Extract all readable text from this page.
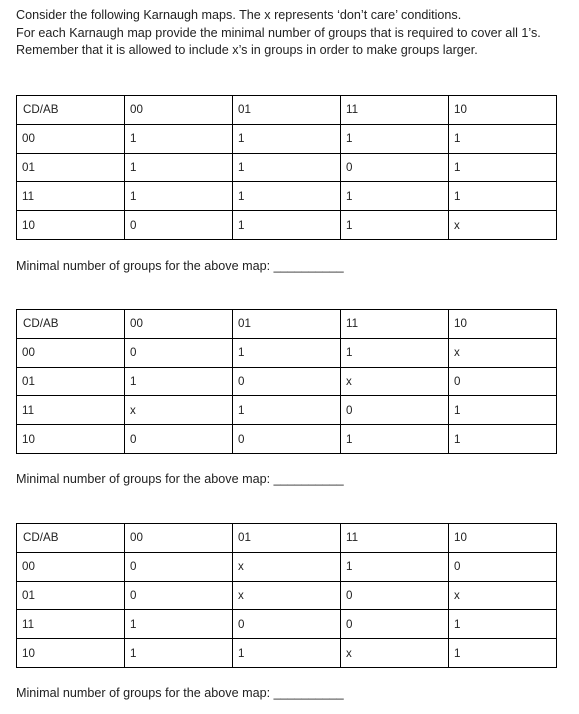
Consider the following Karnaugh maps. The x represents ‘don’t care’ conditions.

For each Karnaugh map provide the minimal number of groups that is required to cover all 1’s. Remember that it is allowed to include x’s in groups in order to make groups larger.

CD/AB	00	01	11	10
00	1	1	1	1
01	1	1	0	1
11	1	1	1	1
10	0	1	1	x
Minimal number of groups for the above map: __________
CD/AB	00	01	11	10
00	0	1	1	x
01	1	0	x	0
11	x	1	0	1
10	0	0	1	1
Minimal number of groups for the above map: __________
CD/AB	00	01	11	10
00	0	x	1	0
01	0	x	0	x
11	1	0	0	1
10	1	1	x	1
Minimal number of groups for the above map: __________
